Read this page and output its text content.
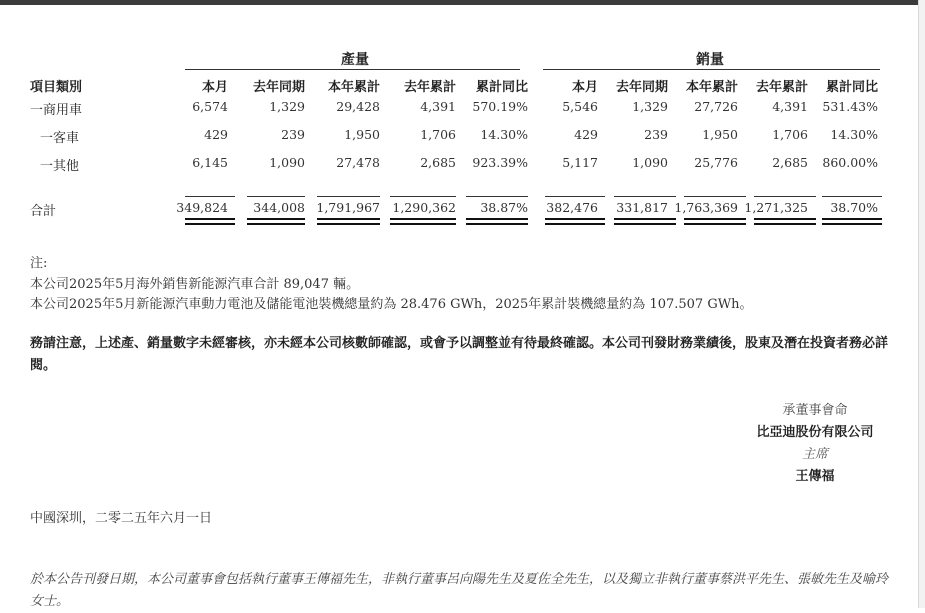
產量	銷量
項目類別	本月 去年同期 本年累計 去年累計 累計同比	本月 去年同期 本年累計 去年累計 累計同比
一商用車	6,574	1,329	29,428	4,391 570.19%	5,546	1,329 27,726	4,391 531.43%
一客車	429	239	1,950	1,706 14.30%	429	239	1,950	1,706 14.30%
一其他	6,145	1,090	27,478	2,685 923.39%	5,117	1,090 25,776	2,685 860.00%
合計	349,824 344,008 1,791,967 1,290,362 38.87% 382,476 331,817 1,763,369 1,271,325 38.70%
注:
本公司2025年5月海外銷售新能源汽車合計 89,047 輛。
本公司2025年5月新能源汽車動力電池及儲能電池裝機總量約為 28.476 GWh，2025年累計裝機總量約為 107.507 GWh。
務請注意，上述產、銷量數字未經審核，亦未經本公司核數師確認，或會予以調整並有待最終確認。本公司刊發財務業績後，股東及潛在投資者務必詳閱。
承董事會命
比亞迪股份有限公司
主席
王傳福
中國深圳，二零二五年六月一日
於本公告刊發日期，本公司董事會包括執行董事王傳福先生，非執行董事呂向陽先生及夏佐全先生，以及獨立非執行董事蔡洪平先生、張敏先生及喻玲女士。
